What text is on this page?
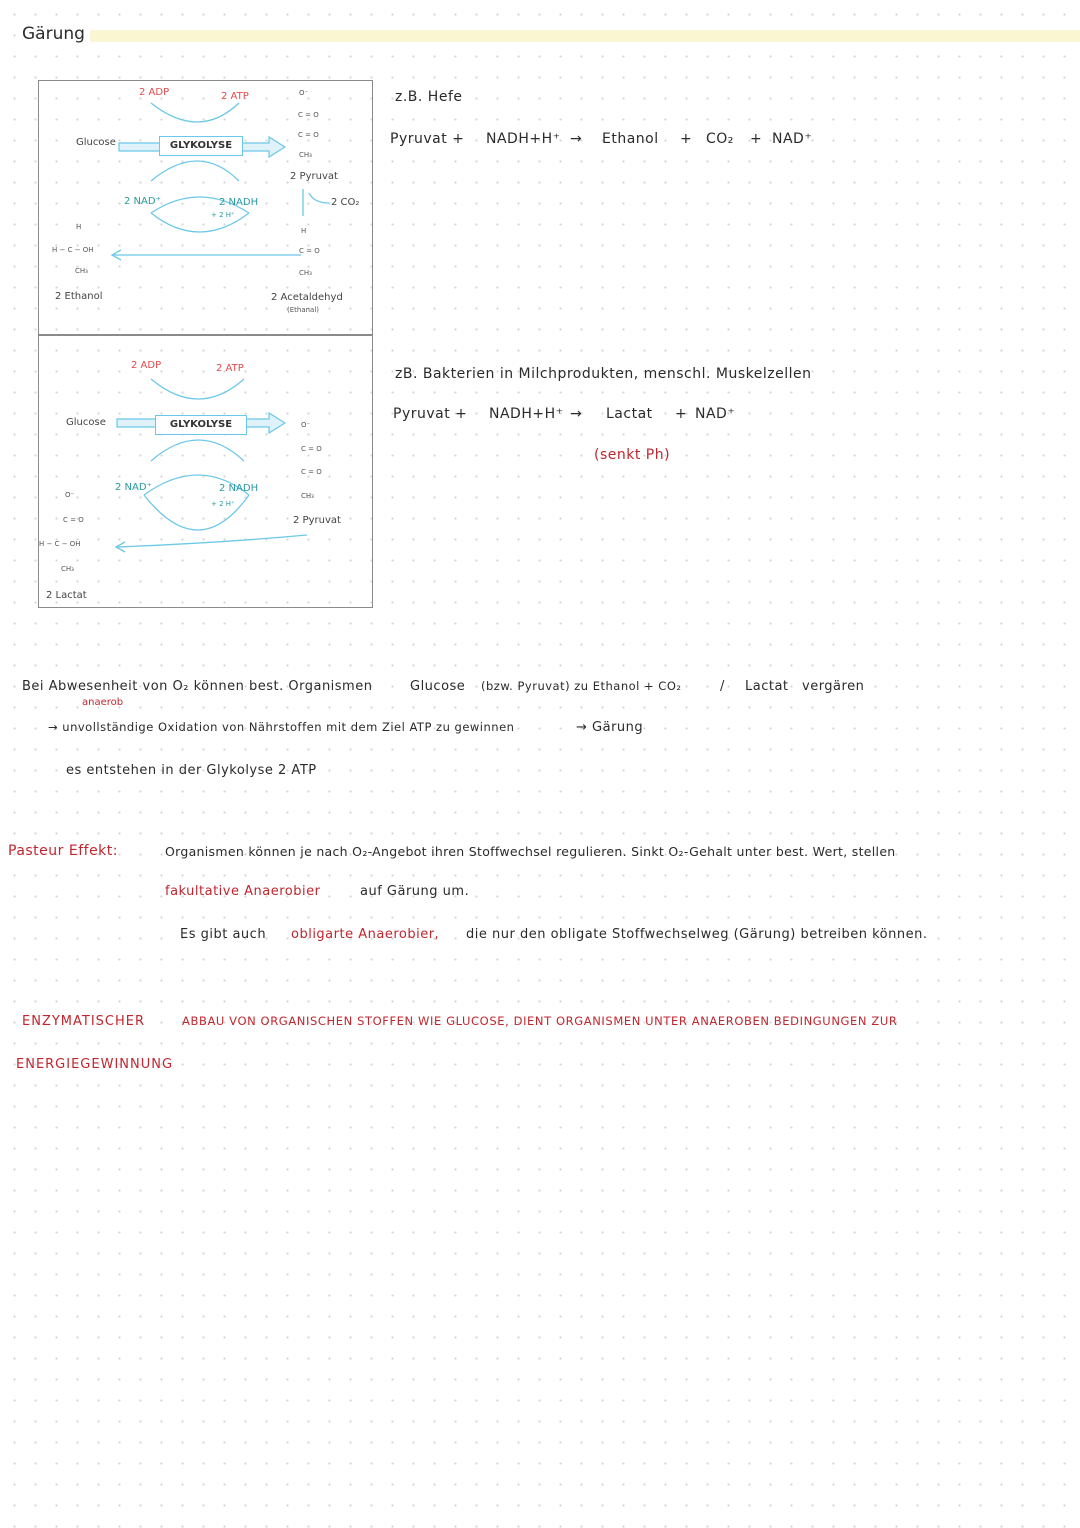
Gärung
2 ADP	2 ATP
Glucose	GLYKOLYSE
2 NAD⁺	2 NADH
+ 2 H⁺
2 CO₂
O⁻
C = O
C = O
CH₃
2 Pyruvat
H
C = O
CH₃
2 Acetaldehyd
(Ethanal)
H
H − C − OH
CH₃
2 Ethanol
2 ADP	2 ATP
Glucose	GLYKOLYSE
2 NAD⁺	2 NADH
+ 2 H⁺
O⁻
C = O
C = O
CH₃
2 Pyruvat
O⁻
C = O
H − C − OH
CH₃
2 Lactat
z.B. Hefe
Pyruvat + NADH+H⁺ → Ethanol + CO₂ + NAD⁺
zB. Bakterien in Milchprodukten, menschl. Muskelzellen
Pyruvat + NADH+H⁺ → Lactat + NAD⁺
(senkt Ph)
Bei Abwesenheit von O₂ können best. Organismen	Glucose (bzw. Pyruvat) zu Ethanol + CO₂	/ Lactat vergären
anaerob
→ unvollständige Oxidation von Nährstoffen mit dem Ziel ATP zu gewinnen	→ Gärung
es entstehen in der Glykolyse 2 ATP
Pasteur Effekt:	Organismen können je nach O₂-Angebot ihren Stoffwechsel regulieren. Sinkt O₂-Gehalt unter best. Wert, stellen
fakultative Anaerobier	auf Gärung um.
Es gibt auch obligarte Anaerobier, die nur den obligate Stoffwechselweg (Gärung) betreiben können.
ENZYMATISCHER	ABBAU VON ORGANISCHEN STOFFEN WIE GLUCOSE, DIENT ORGANISMEN UNTER ANAEROBEN BEDINGUNGEN ZUR
ENERGIEGEWINNUNG
